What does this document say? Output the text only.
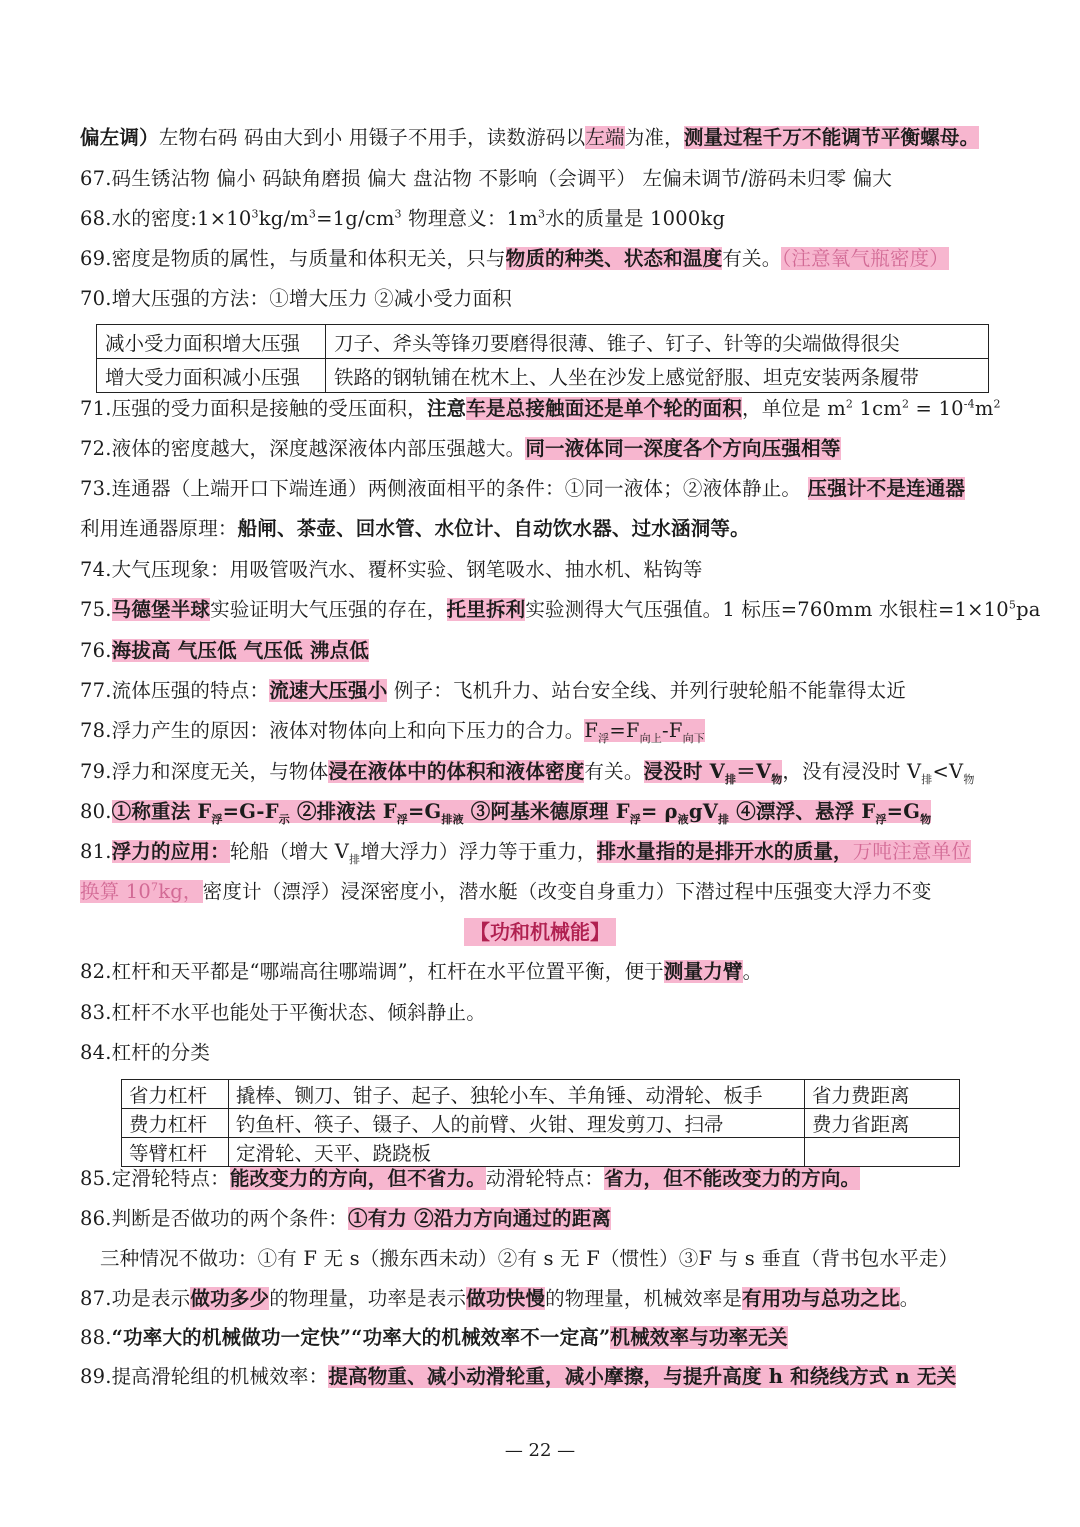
偏左调）左物右码 码由大到小 用镊子不用手，读数游码以左端为准，测量过程千万不能调节平衡螺母。
67.码生锈沾物 偏小 码缺角磨损 偏大 盘沾物 不影响（会调平） 左偏未调节/游码未归零 偏大
68.水的密度$:1\times 10^3kg/m^3=1g/cm^3$ 物理意义：$1m^3$水的质量是 1000kg
69.密度是物质的属性，与质量和体积无关，只与物质的种类、状态和温度有关。（注意氧气瓶密度）
70.增大压强的方法：①增大压力 ②减小受力面积
减小受力面积增大压强	刀子、斧头等锋刃要磨得很薄、锥子、钉子、针等的尖端做得很尖
增大受力面积减小压强	铁路的钢轨铺在枕木上、人坐在沙发上感觉舒服、坦克安装两条履带
71.压强的受力面积是接触的受压面积，注意车是总接触面还是单个轮的面积，单位是 $m^2$ $1cm^2 = 10^{-4}m^2$
72.液体的密度越大，深度越深液体内部压强越大。同一液体同一深度各个方向压强相等
73.连通器（上端开口下端连通）两侧液面相平的条件：①同一液体；②液体静止。 压强计不是连通器
利用连通器原理：船闸、茶壶、回水管、水位计、自动饮水器、过水涵洞等。
74.大气压现象：用吸管吸汽水、覆杯实验、钢笔吸水、抽水机、粘钩等
75.马德堡半球实验证明大气压强的存在，托里拆利实验测得大气压强值。1 标压=760mm 水银柱$=1\times 10^5pa$
76.海拔高 气压低 气压低 沸点低
77.流体压强的特点：流速大压强小 例子：飞机升力、站台安全线、并列行驶轮船不能靠得太近
78.浮力产生的原因：液体对物体向上和向下压力的合力。$F_浮=F_{向上}-F_{向下}$
79.浮力和深度无关，与物体浸在液体中的体积和液体密度有关。浸没时 $V_排=V_物$，没有浸没时 $V_排<V_物$
80.①称重法 $F_浮=G-F_示$ ②排液法 $F_浮=G_{排液}$ ③阿基米德原理 $F_浮= \rho_液gV_排$ ④漂浮、悬浮 $F_浮=G_物$
81.浮力的应用：轮船（增大 $V_排$增大浮力）浮力等于重力，排水量指的是排开水的质量，万吨注意单位
换算 $10^7kg$，密度计（漂浮）浸深密度小，潜水艇（改变自身重力）下潜过程中压强变大浮力不变
【功和机械能】
82.杠杆和天平都是“哪端高往哪端调”，杠杆在水平位置平衡，便于测量力臂。
83.杠杆不水平也能处于平衡状态、倾斜静止。
84.杠杆的分类
省力杠杆	撬棒、铡刀、钳子、起子、独轮小车、羊角锤、动滑轮、板手	省力费距离
费力杠杆	钓鱼杆、筷子、镊子、人的前臂、火钳、理发剪刀、扫帚	费力省距离
等臂杠杆	定滑轮、天平、跷跷板	
85.定滑轮特点：能改变力的方向，但不省力。动滑轮特点：省力，但不能改变力的方向。
86.判断是否做功的两个条件：①有力 ②沿力方向通过的距离
三种情况不做功：①有 F 无 s（搬东西未动）②有 s 无 F（惯性）③F 与 s 垂直（背书包水平走）
87.功是表示做功多少的物理量，功率是表示做功快慢的物理量，机械效率是有用功与总功之比。
88.“功率大的机械做功一定快”“功率大的机械效率不一定高”机械效率与功率无关
89.提高滑轮组的机械效率：提高物重、减小动滑轮重，减小摩擦，与提升高度 h 和绕线方式 n 无关
— 22 —
